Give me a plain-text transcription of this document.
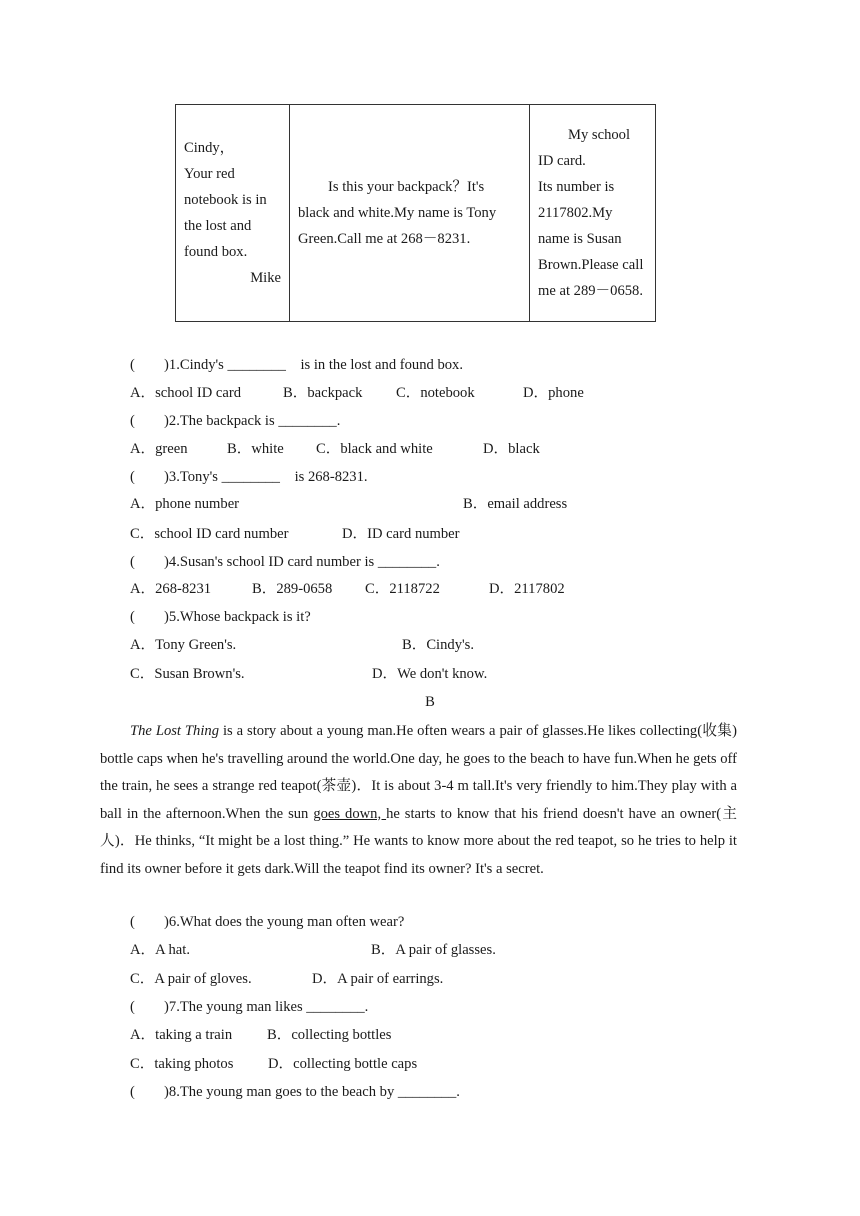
Cindy，
Your red
notebook is in
the lost and
found box.
Mike

Is this your backpack？It's
black and white.My name is Tony
Green.Call me at 268－8231.

My school
ID card.
Its number is
2117802.My
name is Susan
Brown.Please call
me at 289－0658.
(        )1.Cindy's ________    is in the lost and found box.
A．school ID card	B．backpack C．notebook	D．phone
(        )2.The backpack is ________.
A．green	B．white C．black and white	D．black
(        )3.Tony's ________    is 268-8231.
A．phone number	B．email address
C．school ID card number	D．ID card number
(        )4.Susan's school ID card number is ________.
A．268-8231	B．289-0658 C．2118722	D．2117802
(        )5.Whose backpack is it?
A．Tony Green's.	B．Cindy's.
C．Susan Brown's.	D．We don't know.
B
The Lost Thing is a story about a young man.He often wears a pair of glasses.He likes collecting(收集) bottle caps when he's travelling around the world.One day, he goes to the beach to have fun.When he gets off the train, he sees a strange red teapot(茶壶)．It is about 3-4 m tall.It's very friendly to him.They play with a ball in the afternoon.When the sun goes down, he starts to know that his friend doesn't have an owner(主人)．He thinks, “It might be a lost thing.” He wants to know more about the red teapot, so he tries to help it find its owner before it gets dark.Will the teapot find its owner? It's a secret.
(        )6.What does the young man often wear?
A．A hat.	B．A pair of glasses.
C．A pair of gloves.	D．A pair of earrings.
(        )7.The young man likes ________.
A．taking a train B．collecting bottles
C．taking photos D．collecting bottle caps
(        )8.The young man goes to the beach by ________.
